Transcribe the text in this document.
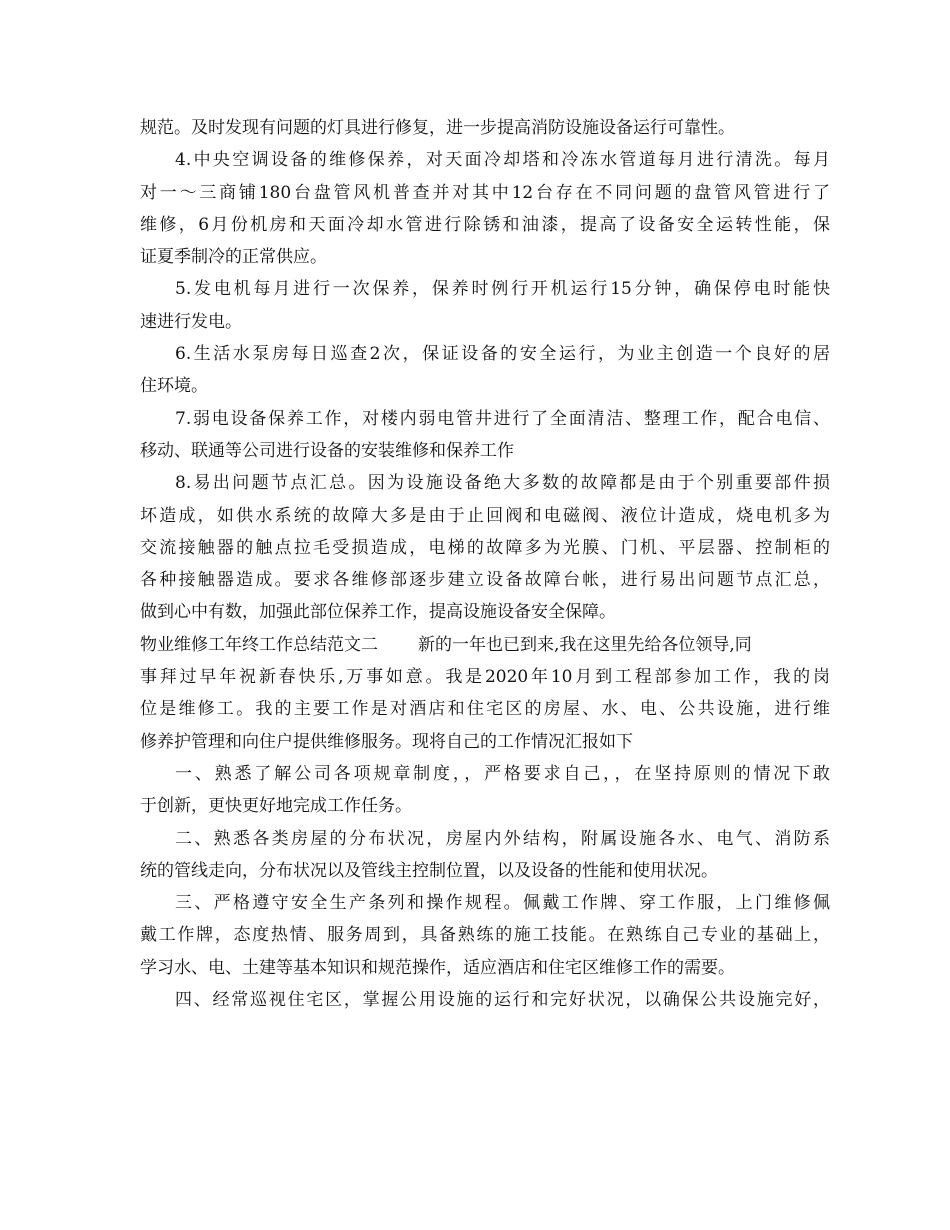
规范。及时发现有问题的灯具进行修复，进一步提高消防设施设备运行可靠性。
4.中央空调设备的维修保养，对天面冷却塔和冷冻水管道每月进行清洗。每月
对一～三商铺180台盘管风机普查并对其中12台存在不同问题的盘管风管进行了
维修，6月份机房和天面冷却水管进行除锈和油漆，提高了设备安全运转性能，保
证夏季制冷的正常供应。
5.发电机每月进行一次保养，保养时例行开机运行15分钟，确保停电时能快
速进行发电。
6.生活水泵房每日巡查2次，保证设备的安全运行，为业主创造一个良好的居
住环境。
7.弱电设备保养工作，对楼内弱电管井进行了全面清洁、整理工作，配合电信、
移动、联通等公司进行设备的安装维修和保养工作
8.易出问题节点汇总。因为设施设备绝大多数的故障都是由于个别重要部件损
坏造成，如供水系统的故障大多是由于止回阀和电磁阀、液位计造成，烧电机多为
交流接触器的触点拉毛受损造成，电梯的故障多为光膜、门机、平层器、控制柜的
各种接触器造成。要求各维修部逐步建立设备故障台帐，进行易出问题节点汇总，
做到心中有数，加强此部位保养工作，提高设施设备安全保障。
物业维修工年终工作总结范文二 新的一年也已到来,我在这里先给各位领导,同
事拜过早年祝新春快乐,万事如意。我是2020年10月到工程部参加工作，我的岗
位是维修工。我的主要工作是对酒店和住宅区的房屋、水、电、公共设施，进行维
修养护管理和向住户提供维修服务。现将自己的工作情况汇报如下
一、熟悉了解公司各项规章制度，，严格要求自己，，在坚持原则的情况下敢
于创新，更快更好地完成工作任务。
二、熟悉各类房屋的分布状况，房屋内外结构，附属设施各水、电气、消防系
统的管线走向，分布状况以及管线主控制位置，以及设备的性能和使用状况。
三、严格遵守安全生产条列和操作规程。佩戴工作牌、穿工作服，上门维修佩
戴工作牌，态度热情、服务周到，具备熟练的施工技能。在熟练自己专业的基础上，
学习水、电、土建等基本知识和规范操作，适应酒店和住宅区维修工作的需要。
四、经常巡视住宅区，掌握公用设施的运行和完好状况，以确保公共设施完好，
